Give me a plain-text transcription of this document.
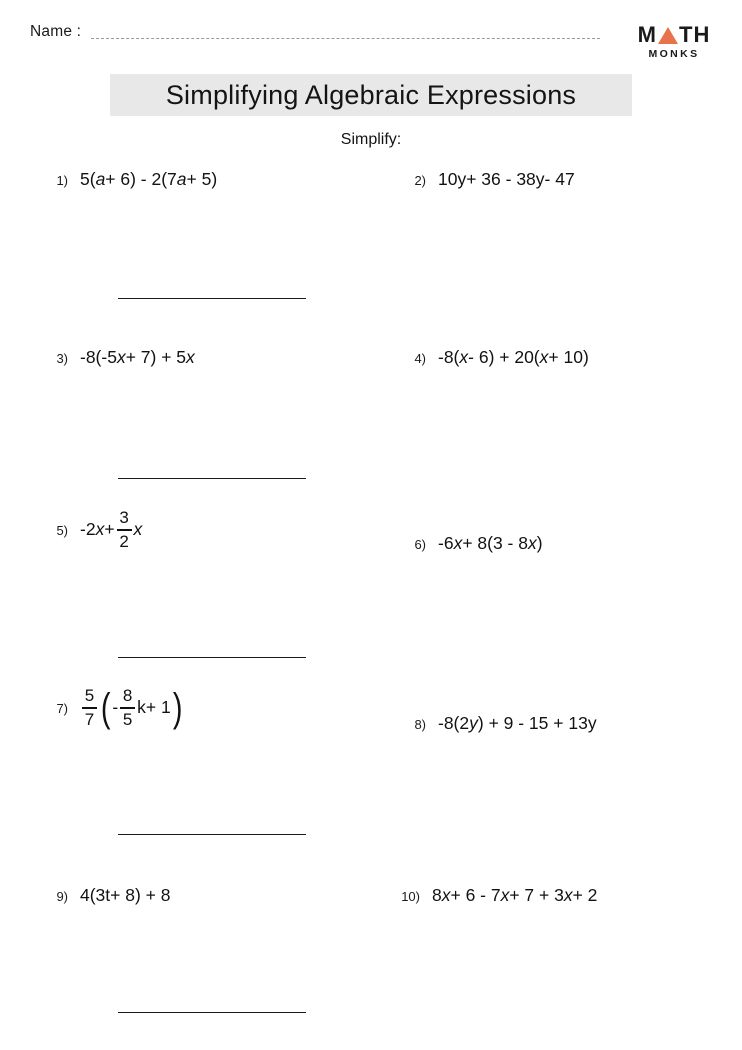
Name :	M TH
MONKS
Simplifying Algebraic Expressions
Simplify:
1) 5( a + 6) - 2(7 a + 5)	2) 10 y + 36 - 38 y - 47
3) -8(-5 x + 7) + 5 x	4) -8( x - 6) + 20( x + 10)
5) -2 $x + \frac{3}{2}$ x
6) -6 x + 8(3 - 8 x )
$7) \frac{5}{7}$ ( - $\frac{8}{5}$ k + 1 )	8) -8(2 y ) + 9 - 15 + 13 y
9) 4(3 t + 8) + 8	10) 8 x + 6 - 7 x + 7 + 3 x + 2
